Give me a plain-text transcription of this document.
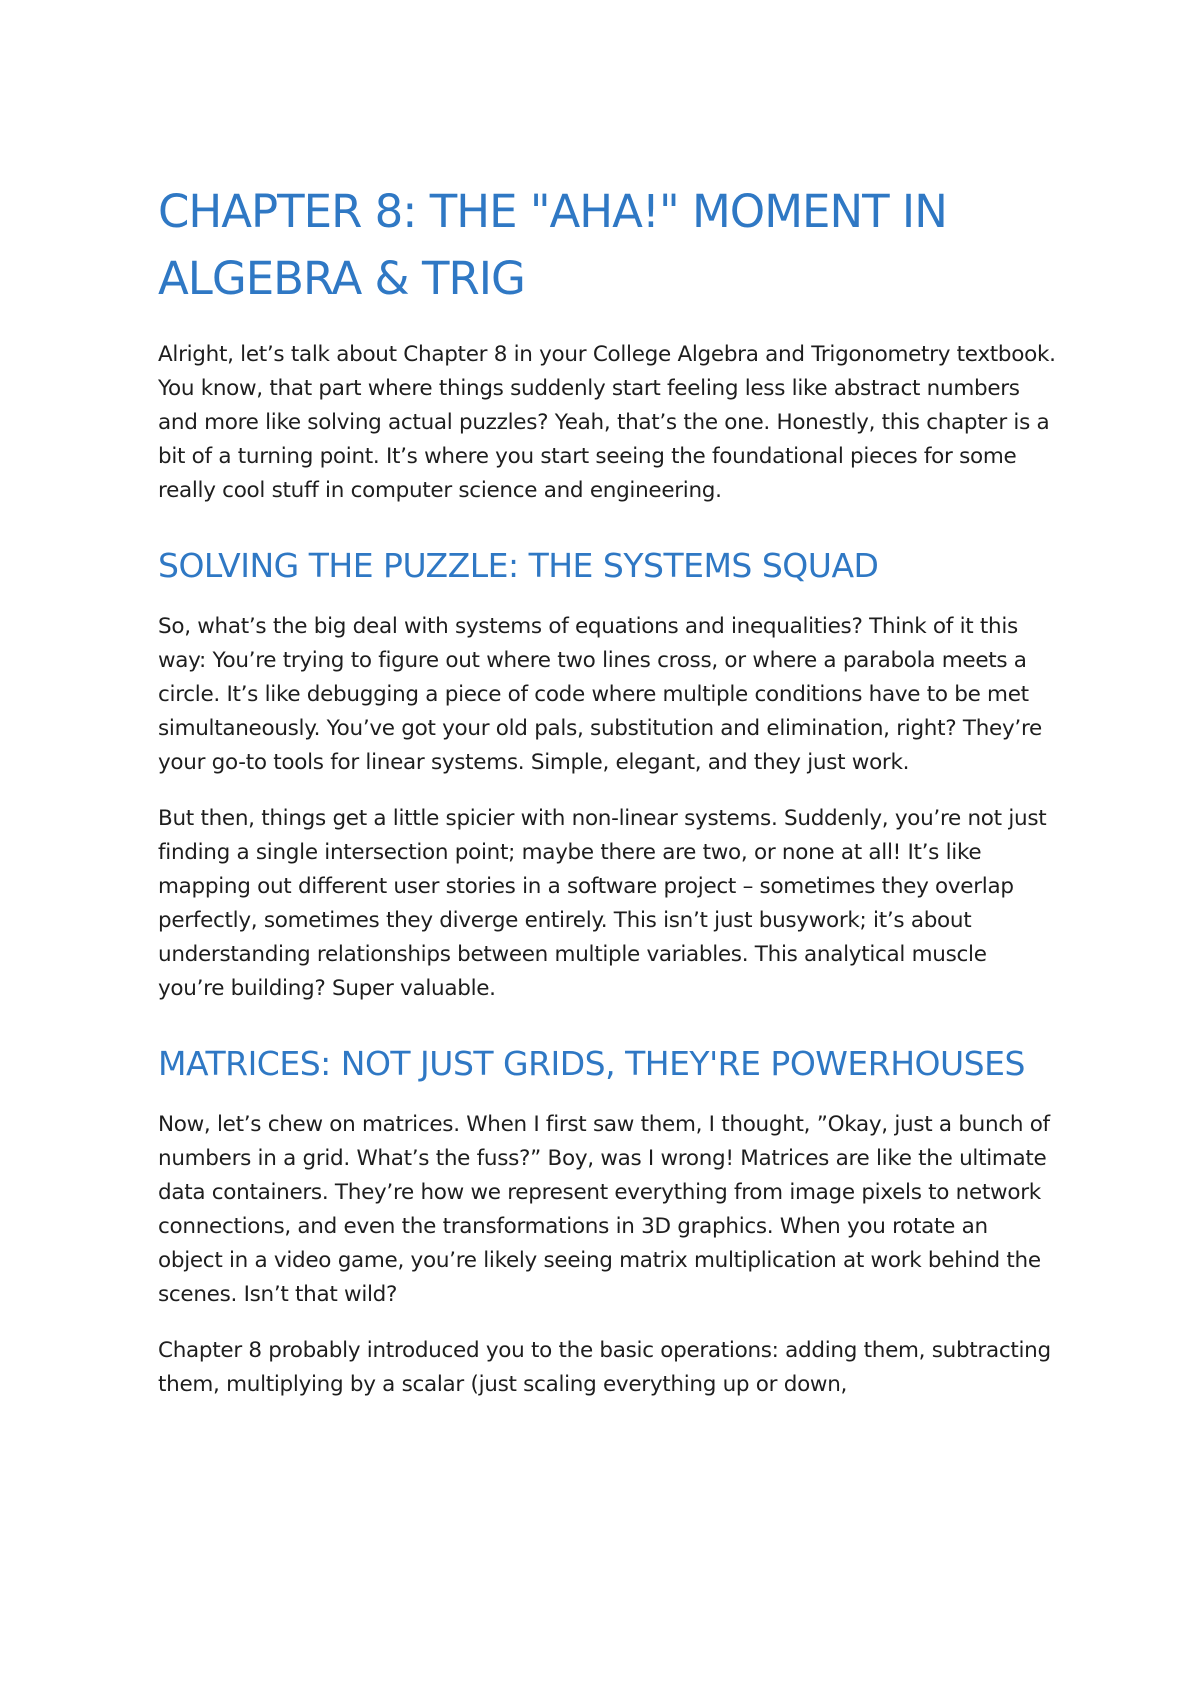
CHAPTER 8: THE "AHA!" MOMENT IN ALGEBRA & TRIG

Alright, let’s talk about Chapter 8 in your College Algebra and Trigonometry textbook. You know, that part where things suddenly start feeling less like abstract numbers and more like solving actual puzzles? Yeah, that’s the one. Honestly, this chapter is a bit of a turning point. It’s where you start seeing the foundational pieces for some really cool stuff in computer science and engineering.

SOLVING THE PUZZLE: THE SYSTEMS SQUAD

So, what’s the big deal with systems of equations and inequalities? Think of it this way: You’re trying to figure out where two lines cross, or where a parabola meets a circle. It’s like debugging a piece of code where multiple conditions have to be met simultaneously. You’ve got your old pals, substitution and elimination, right? They’re your go-to tools for linear systems. Simple, elegant, and they just work.

But then, things get a little spicier with non-linear systems. Suddenly, you’re not just finding a single intersection point; maybe there are two, or none at all! It’s like mapping out different user stories in a software project – sometimes they overlap perfectly, sometimes they diverge entirely. This isn’t just busywork; it’s about understanding relationships between multiple variables. This analytical muscle you’re building? Super valuable.

MATRICES: NOT JUST GRIDS, THEY'RE POWERHOUSES

Now, let’s chew on matrices. When I first saw them, I thought, ”Okay, just a bunch of numbers in a grid. What’s the fuss?” Boy, was I wrong! Matrices are like the ultimate data containers. They’re how we represent everything from image pixels to network connections, and even the transformations in 3D graphics. When you rotate an object in a video game, you’re likely seeing matrix multiplication at work behind the scenes. Isn’t that wild?

Chapter 8 probably introduced you to the basic operations: adding them, subtracting them, multiplying by a scalar (just scaling everything up or down,
